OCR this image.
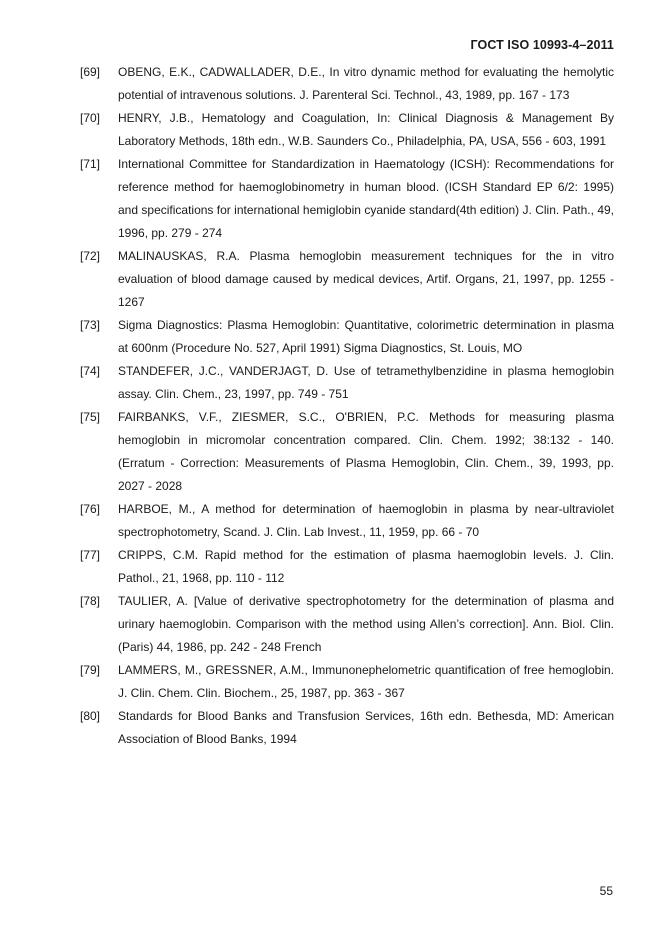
ГОСТ ISO 10993-4–2011
[69]	OBENG, E.K., CADWALLADER, D.E., In vitro dynamic method for evaluating the hemolytic potential of intravenous solutions. J. Parenteral Sci. Technol., 43, 1989, pp. 167 - 173
[70]	HENRY, J.B., Hematology and Coagulation, In: Clinical Diagnosis & Management By Laboratory Methods, 18th edn., W.B. Saunders Co., Philadelphia, PA, USA, 556 - 603, 1991
[71]	International Committee for Standardization in Haematology (ICSH): Recommendations for reference method for haemoglobinometry in human blood. (ICSH Standard EP 6/2: 1995) and specifications for international hemiglobin cyanide standard(4th edition) J. Clin. Path., 49, 1996, pp. 279 - 274
[72]	MALINAUSKAS, R.A. Plasma hemoglobin measurement techniques for the in vitro evaluation of blood damage caused by medical devices, Artif. Organs, 21, 1997, pp. 1255 - 1267
[73]	Sigma Diagnostics: Plasma Hemoglobin: Quantitative, colorimetric determination in plasma at 600nm (Procedure No. 527, April 1991) Sigma Diagnostics, St. Louis, MO
[74]	STANDEFER, J.C., VANDERJAGT, D. Use of tetramethylbenzidine in plasma hemoglobin assay. Clin. Chem., 23, 1997, pp. 749 - 751
[75]	FAIRBANKS, V.F., ZIESMER, S.C., O'BRIEN, P.C. Methods for measuring plasma hemoglobin in micromolar concentration compared. Clin. Chem. 1992; 38:132 - 140. (Erratum - Correction: Measurements of Plasma Hemoglobin, Clin. Chem., 39, 1993, pp. 2027 - 2028
[76]	HARBOE, M., A method for determination of haemoglobin in plasma by near-ultraviolet spectrophotometry, Scand. J. Clin. Lab Invest., 11, 1959, pp. 66 - 70
[77]	CRIPPS, C.M. Rapid method for the estimation of plasma haemoglobin levels. J. Clin. Pathol., 21, 1968, pp. 110 - 112
[78]	TAULIER, A. [Value of derivative spectrophotometry for the determination of plasma and urinary haemoglobin. Comparison with the method using Allen’s correction]. Ann. Biol. Clin. (Paris) 44, 1986, pp. 242 - 248 French
[79]	LAMMERS, M., GRESSNER, A.M., Immunonephelometric quantification of free hemoglobin. J. Clin. Chem. Clin. Biochem., 25, 1987, pp. 363 - 367
[80]	Standards for Blood Banks and Transfusion Services, 16th edn. Bethesda, MD: American Association of Blood Banks, 1994
55
